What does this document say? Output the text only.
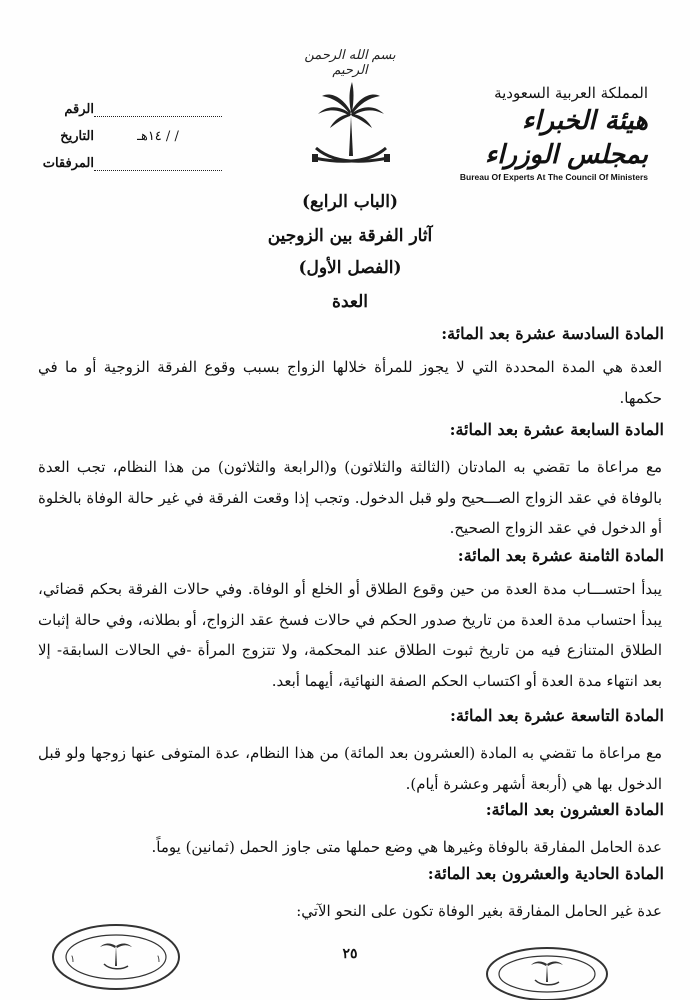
الرقم
التاريخ	/ / ١٤هـ
المرفقات
بسم الله الرحمن الرحيم
المملكة العربية السعودية
هيئة الخبراء بمجلس الوزراء
Bureau Of Experts At The Council Of Ministers
(الباب الرابع)
آثار الفرقة بين الزوجين
(الفصل الأول)
العدة
المادة السادسة عشرة بعد المائة:
العدة هي المدة المحددة التي لا يجوز للمرأة خلالها الزواج بسبب وقوع الفرقة الزوجية أو ما في حكمها.
المادة السابعة عشرة بعد المائة:
مع مراعاة ما تقضي به المادتان (الثالثة والثلاثون) و(الرابعة والثلاثون) من هذا النظام، تجب العدة بالوفاة في عقد الزواج الصـــحيح ولو قبل الدخول. وتجب إذا وقعت الفرقة في غير حالة الوفاة بالخلوة أو الدخول في عقد الزواج الصحيح.
المادة الثامنة عشرة بعد المائة:
يبدأ احتســـاب مدة العدة من حين وقوع الطلاق أو الخلع أو الوفاة. وفي حالات الفرقة بحكم قضائي، يبدأ احتساب مدة العدة من تاريخ صدور الحكم في حالات فسخ عقد الزواج، أو بطلانه، وفي حالة إثبات الطلاق المتنازع فيه من تاريخ ثبوت الطلاق عند المحكمة، ولا تتزوج المرأة -في الحالات السابقة- إلا بعد انتهاء مدة العدة أو اكتساب الحكم الصفة النهائية، أيهما أبعد.
المادة التاسعة عشرة بعد المائة:
مع مراعاة ما تقضي به المادة (العشرون بعد المائة) من هذا النظام، عدة المتوفى عنها زوجها ولو قبل الدخول بها هي (أربعة أشهر وعشرة أيام).
المادة العشرون بعد المائة:
عدة الحامل المفارقة بالوفاة وغيرها هي وضع حملها متى جاوز الحمل (ثمانين) يوماً.
المادة الحادية والعشرون بعد المائة:
عدة غير الحامل المفارقة بغير الوفاة تكون على النحو الآتي:
٢٥
١	١
